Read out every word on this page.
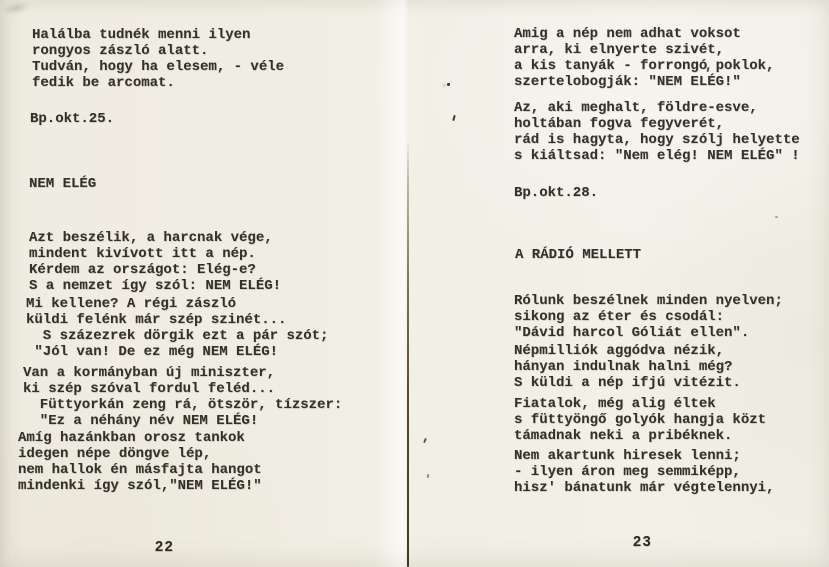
Halálba tudnék menni ilyen
rongyos zászló alatt.
Tudván, hogy ha elesem, - véle
fedik be arcomat.
Bp.okt.25.
NEM ELÉG
Azt beszélik, a harcnak vége,
mindent kivívott itt a nép.
Kérdem az országot: Elég-e?
S a nemzet így szól: NEM ELÉG!
Mi kellene? A régi zászló
küldi felénk már szép szinét...
S százezrek dörgik ezt a pár szót;
"Jól van! De ez még NEM ELÉG!
Van a kormányban új miniszter,
ki szép szóval fordul feléd...
Füttyorkán zeng rá, ötször, tízszer:
"Ez a néhány név NEM ELÉG!
Amíg hazánkban orosz tankok
idegen népe döngve lép,
nem hallok én másfajta hangot
mindenki így szól,"NEM ELÉG!"
22
Amig a nép nem adhat voksot
arra, ki elnyerte szivét,
a kis tanyák - forrongó poklok,
szertelobogják: "NEM ELÉG!"
Az, aki meghalt, földre-esve,
holtában fogva fegyverét,
rád is hagyta, hogy szólj helyette
s kiáltsad: "Nem elég! NEM ELÉG" !
Bp.okt.28.
A RÁDIÓ MELLETT
Rólunk beszélnek minden nyelven;
sikong az éter és csodál:
"Dávid harcol Góliát ellen".
Népmilliók aggódva nézik,
hányan indulnak halni még?
S küldi a nép ifjú vitézit.
Fiatalok, még alig éltek
s füttyöngő golyók hangja közt
támadnak neki a pribéknek.
Nem akartunk hiresek lenni;
- ilyen áron meg semmiképp,
hisz' bánatunk már végtelennyi,
23
